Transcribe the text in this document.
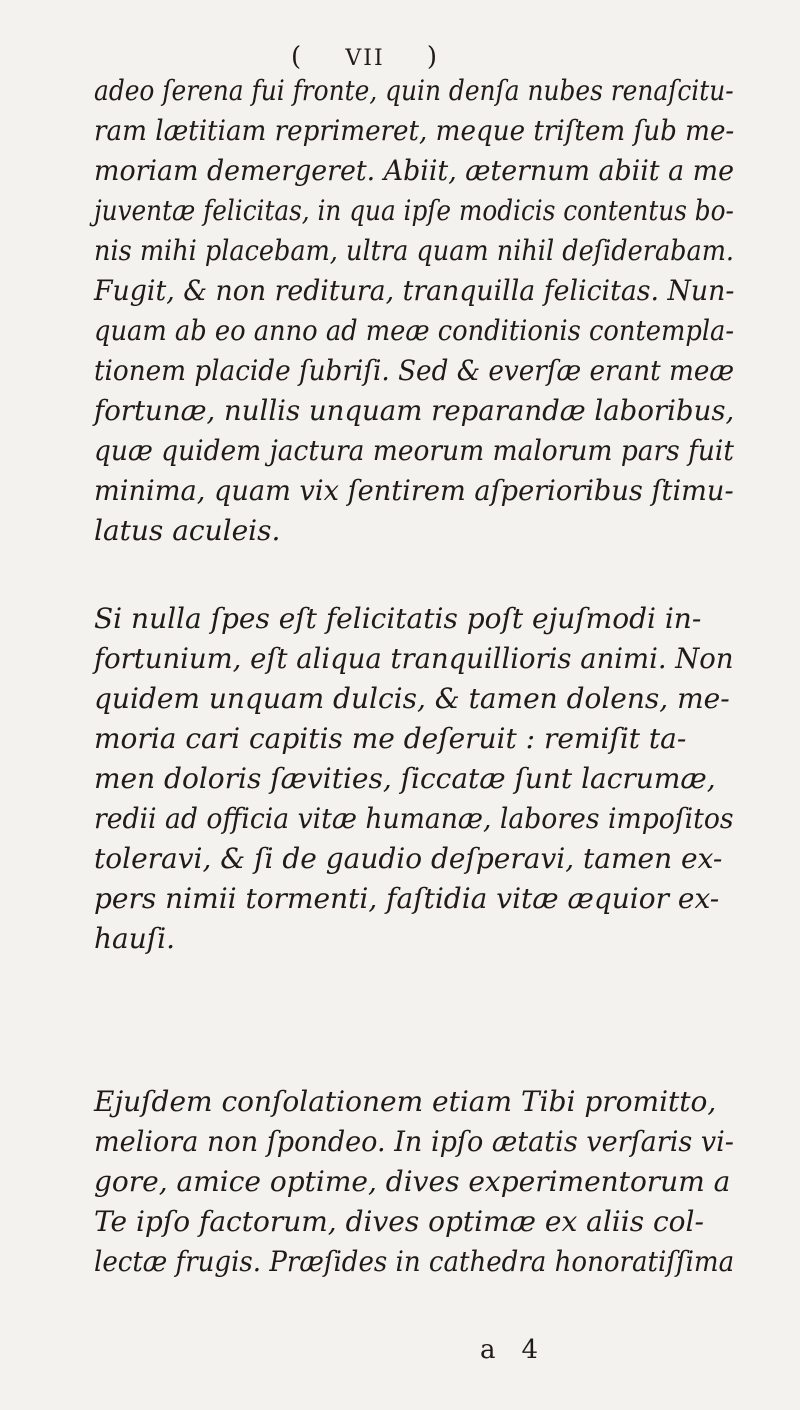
( VII )
adeo ſerena fui fronte, quin denſa nubes renaſcitu-
ram lætitiam reprimeret, meque triſtem ſub me-
moriam demergeret. Abiit, æternum abiit a me
juventæ felicitas, in qua ipſe modicis contentus bo-
nis mihi placebam, ultra quam nihil deſiderabam.
Fugit, & non reditura, tranquilla felicitas. Nun-
quam ab eo anno ad meæ conditionis contempla-
tionem placide ſubriſi. Sed & everſæ erant meæ
fortunæ, nullis unquam reparandæ laboribus,
quæ quidem jactura meorum malorum pars fuit
minima, quam vix ſentirem aſperioribus ſtimu-
latus aculeis.
Si nulla ſpes eſt felicitatis poſt ejuſmodi in-
fortunium, eſt aliqua tranquillioris animi. Non
quidem unquam dulcis, & tamen dolens, me-
moria cari capitis me deſeruit : remiſit ta-
men doloris ſævities, ſiccatæ ſunt lacrumæ,
redii ad officia vitæ humanæ, labores impoſitos
toleravi, & ſi de gaudio deſperavi, tamen ex-
pers nimii tormenti, faſtidia vitæ æquior ex-
hauſi.
Ejuſdem conſolationem etiam Tibi promitto,
meliora non ſpondeo. In ipſo ætatis verſaris vi-
gore, amice optime, dives experimentorum a
Te ipſo factorum, dives optimæ ex aliis col-
lectæ frugis. Præſides in cathedra honoratiſſima
a 4
